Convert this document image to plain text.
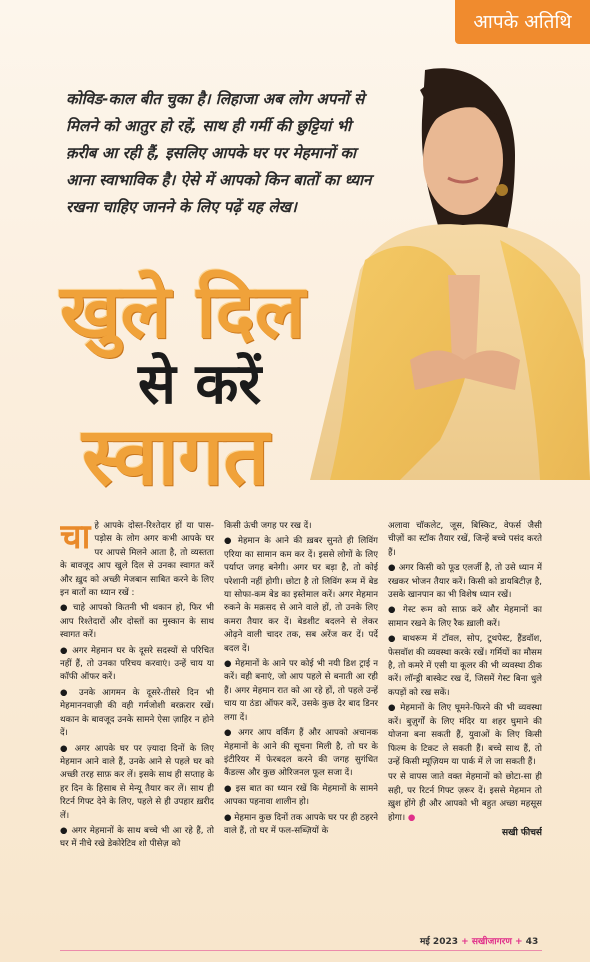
आपके अतिथि
कोविड-काल बीत चुका है। लिहाजा अब लोग अपनों से मिलने को आतुर हो रहें, साथ ही गर्मी की छुट्टियां भी क़रीब आ रही हैं, इसलिए आपके घर पर मेहमानों का आना स्वाभाविक है। ऐसे में आपको किन बातों का ध्यान रखना चाहिए जानने के लिए पढ़ें यह लेख।
खुले दिल
से करें
स्वागत

चाहे आपके दोस्त-रिश्तेदार हों या पास-पड़ोस के लोग अगर कभी आपके घर पर आपसे मिलने आता है, तो व्यस्तता के बावजूद आप खुले दिल से उनका स्वागत करें और ख़ुद को अच्छी मेजबान साबित करने के लिए इन बातों का ध्यान रखें :

● चाहे आपको कितनी भी थकान हो, फिर भी आप रिश्तेदारों और दोस्तों का मुस्कान के साथ स्वागत करें।

● अगर मेहमान घर के दूसरे सदस्यों से परिचित नहीं हैं, तो उनका परिचय करवाएं। उन्हें चाय या कॉफी ऑफर करें।

● उनके आगमन के दूसरे-तीसरे दिन भी मेहमाननवाज़ी की वही गर्मजोशी बरक़रार रखें। थकान के बावजूद उनके सामने ऐसा ज़ाहिर न होने दें।

● अगर आपके घर पर ज़्यादा दिनों के लिए मेहमान आने वाले हैं, उनके आने से पहले घर को अच्छी तरह साफ़ कर लें। इसके साथ ही सप्ताह के हर दिन के हिसाब से मेन्यू तैयार कर लें। साथ ही रिटर्न गिफ्ट देने के लिए, पहले से ही उपहार ख़रीद लें।

● अगर मेहमानों के साथ बच्चे भी आ रहे हैं, तो घर में नीचे रखे डेकोरेटिव शो पीसेज़ को

किसी ऊंची जगह पर रख दें।

● मेहमान के आने की ख़बर सुनते ही लिविंग एरिया का सामान कम कर दें। इससे लोगों के लिए पर्याप्त जगह बनेगी। अगर घर बड़ा है, तो कोई परेशानी नहीं होगी। छोटा है तो लिविंग रूम में बेड या सोफा-कम बेड का इस्तेमाल करें। अगर मेहमान रुकने के मक़सद से आने वाले हों, तो उनके लिए कमरा तैयार कर दें। बेडशीट बदलने से लेकर ओढ़ने वाली चादर तक, सब अरेंज कर दें। पर्दे बदल दें।

● मेहमानों के आने पर कोई भी नयी डिश ट्राई न करें। वही बनाएं, जो आप पहले से बनाती आ रही हैं। अगर मेहमान रात को आ रहे हों, तो पहले उन्हें चाय या ठंडा ऑफर करें, उसके कुछ देर बाद डिनर लगा दें।

● अगर आप वर्किंग हैं और आपको अचानक मेहमानों के आने की सूचना मिली है, तो घर के इंटीरियर में फेरबदल करने की जगह सुगंधित कैंडल्स और कुछ ओरिजनल फूल सजा दें।

● इस बात का ध्यान रखें कि मेहमानों के सामने आपका पहनावा शालीन हो।

● मेहमान कुछ दिनों तक आपके घर पर ही ठहरने वाले हैं, तो घर में फल-सब्ज़ियों के

अलावा चॉकलेट, जूस, बिस्किट, वेफर्स जैसी चीज़ों का स्टॉक तैयार रखें, जिन्हें बच्चे पसंद करते हैं।

● अगर किसी को फूड एलर्जी है, तो उसे ध्यान में रखकर भोजन तैयार करें। किसी को डायबिटीज़ है, उसके खानपान का भी विशेष ध्यान रखें।

● गेस्ट रूम को साफ़ करें और मेहमानों का सामान रखने के लिए रैक ख़ाली करें।

● बाथरूम में टॉवल, सोप, टूथपेस्ट, हैंडवॉश, फेसवॉश की व्यवस्था करके रखें। गर्मियों का मौसम है, तो कमरे में एसी या कूलर की भी व्यवस्था ठीक करें। लॉन्ड्री बास्केट रख दें, जिसमें गेस्ट बिना धुले कपड़ों को रख सकें।

● मेहमानों के लिए घूमने-फिरने की भी व्यवस्था करें। बुज़ुर्गों के लिए मंदिर या शहर घुमाने की योजना बना सकती हैं, युवाओं के लिए किसी फिल्म के टिकट ले सकती हैं। बच्चे साथ हैं, तो उन्हें किसी म्यूज़ियम या पार्क में ले जा सकती हैं।

पर से वापस जाते वक्त मेहमानों को छोटा-सा ही सही, पर रिटर्न गिफ्ट ज़रूर दें। इससे मेहमान तो ख़ुश होंगे ही और आपको भी बहुत अच्छा महसूस होगा। ●

सखी फीचर्स
मई 2023 + सखीजागरण + 43
